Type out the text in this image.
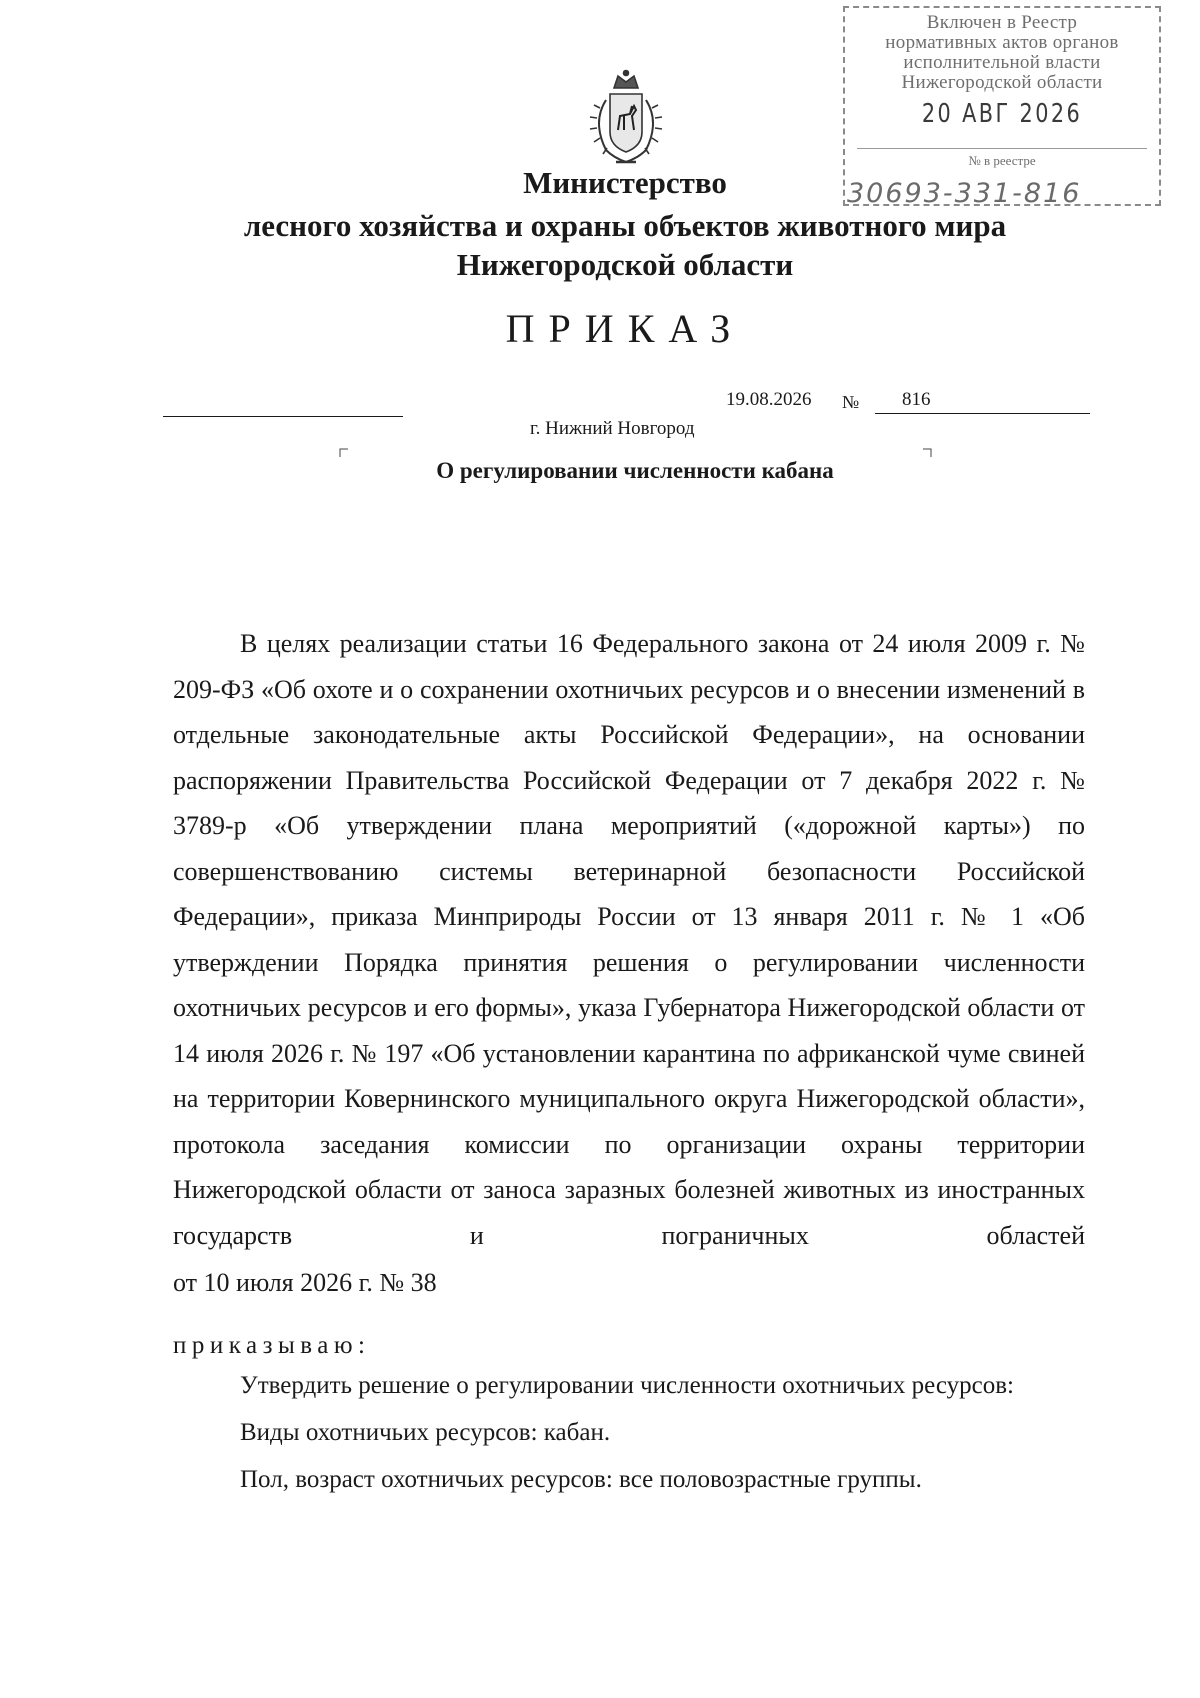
Включен в Реестр
нормативных актов органов
исполнительной власти
Нижегородской области
20 АВГ 2026
№ в реестре
30693-331-816
Министерство
лесного хозяйства и охраны объектов животного мира
Нижегородской области
ПРИКАЗ
19.08.2026 № 816
г. Нижний Новгород
О регулировании численности кабана
В целях реализации статьи 16 Федерального закона от 24 июля 2009 г. № 209-ФЗ «Об охоте и о сохранении охотничьих ресурсов и о внесении изменений в отдельные законодательные акты Российской Федерации», на основании распоряжении Правительства Российской Федерации от 7 декабря 2022 г. № 3789-р «Об утверждении плана мероприятий («дорожной карты») по совершенствованию системы ветеринарной безопасности Российской Федерации», приказа Минприроды России от 13 января 2011 г. № 1 «Об утверждении Порядка принятия решения о регулировании численности охотничьих ресурсов и его формы», указа Губернатора Нижегородской области от 14 июля 2026 г. № 197 «Об установлении карантина по африканской чуме свиней на территории Ковернинского муниципального округа Нижегородской области», протокола заседания комиссии по организации охраны территории Нижегородской области от заноса заразных болезней животных из иностранных государств и пограничных областей
от 10 июля 2026 г. № 38
приказываю:
Утвердить решение о регулировании численности охотничьих ресурсов:
Виды охотничьих ресурсов: кабан.
Пол, возраст охотничьих ресурсов: все половозрастные группы.
